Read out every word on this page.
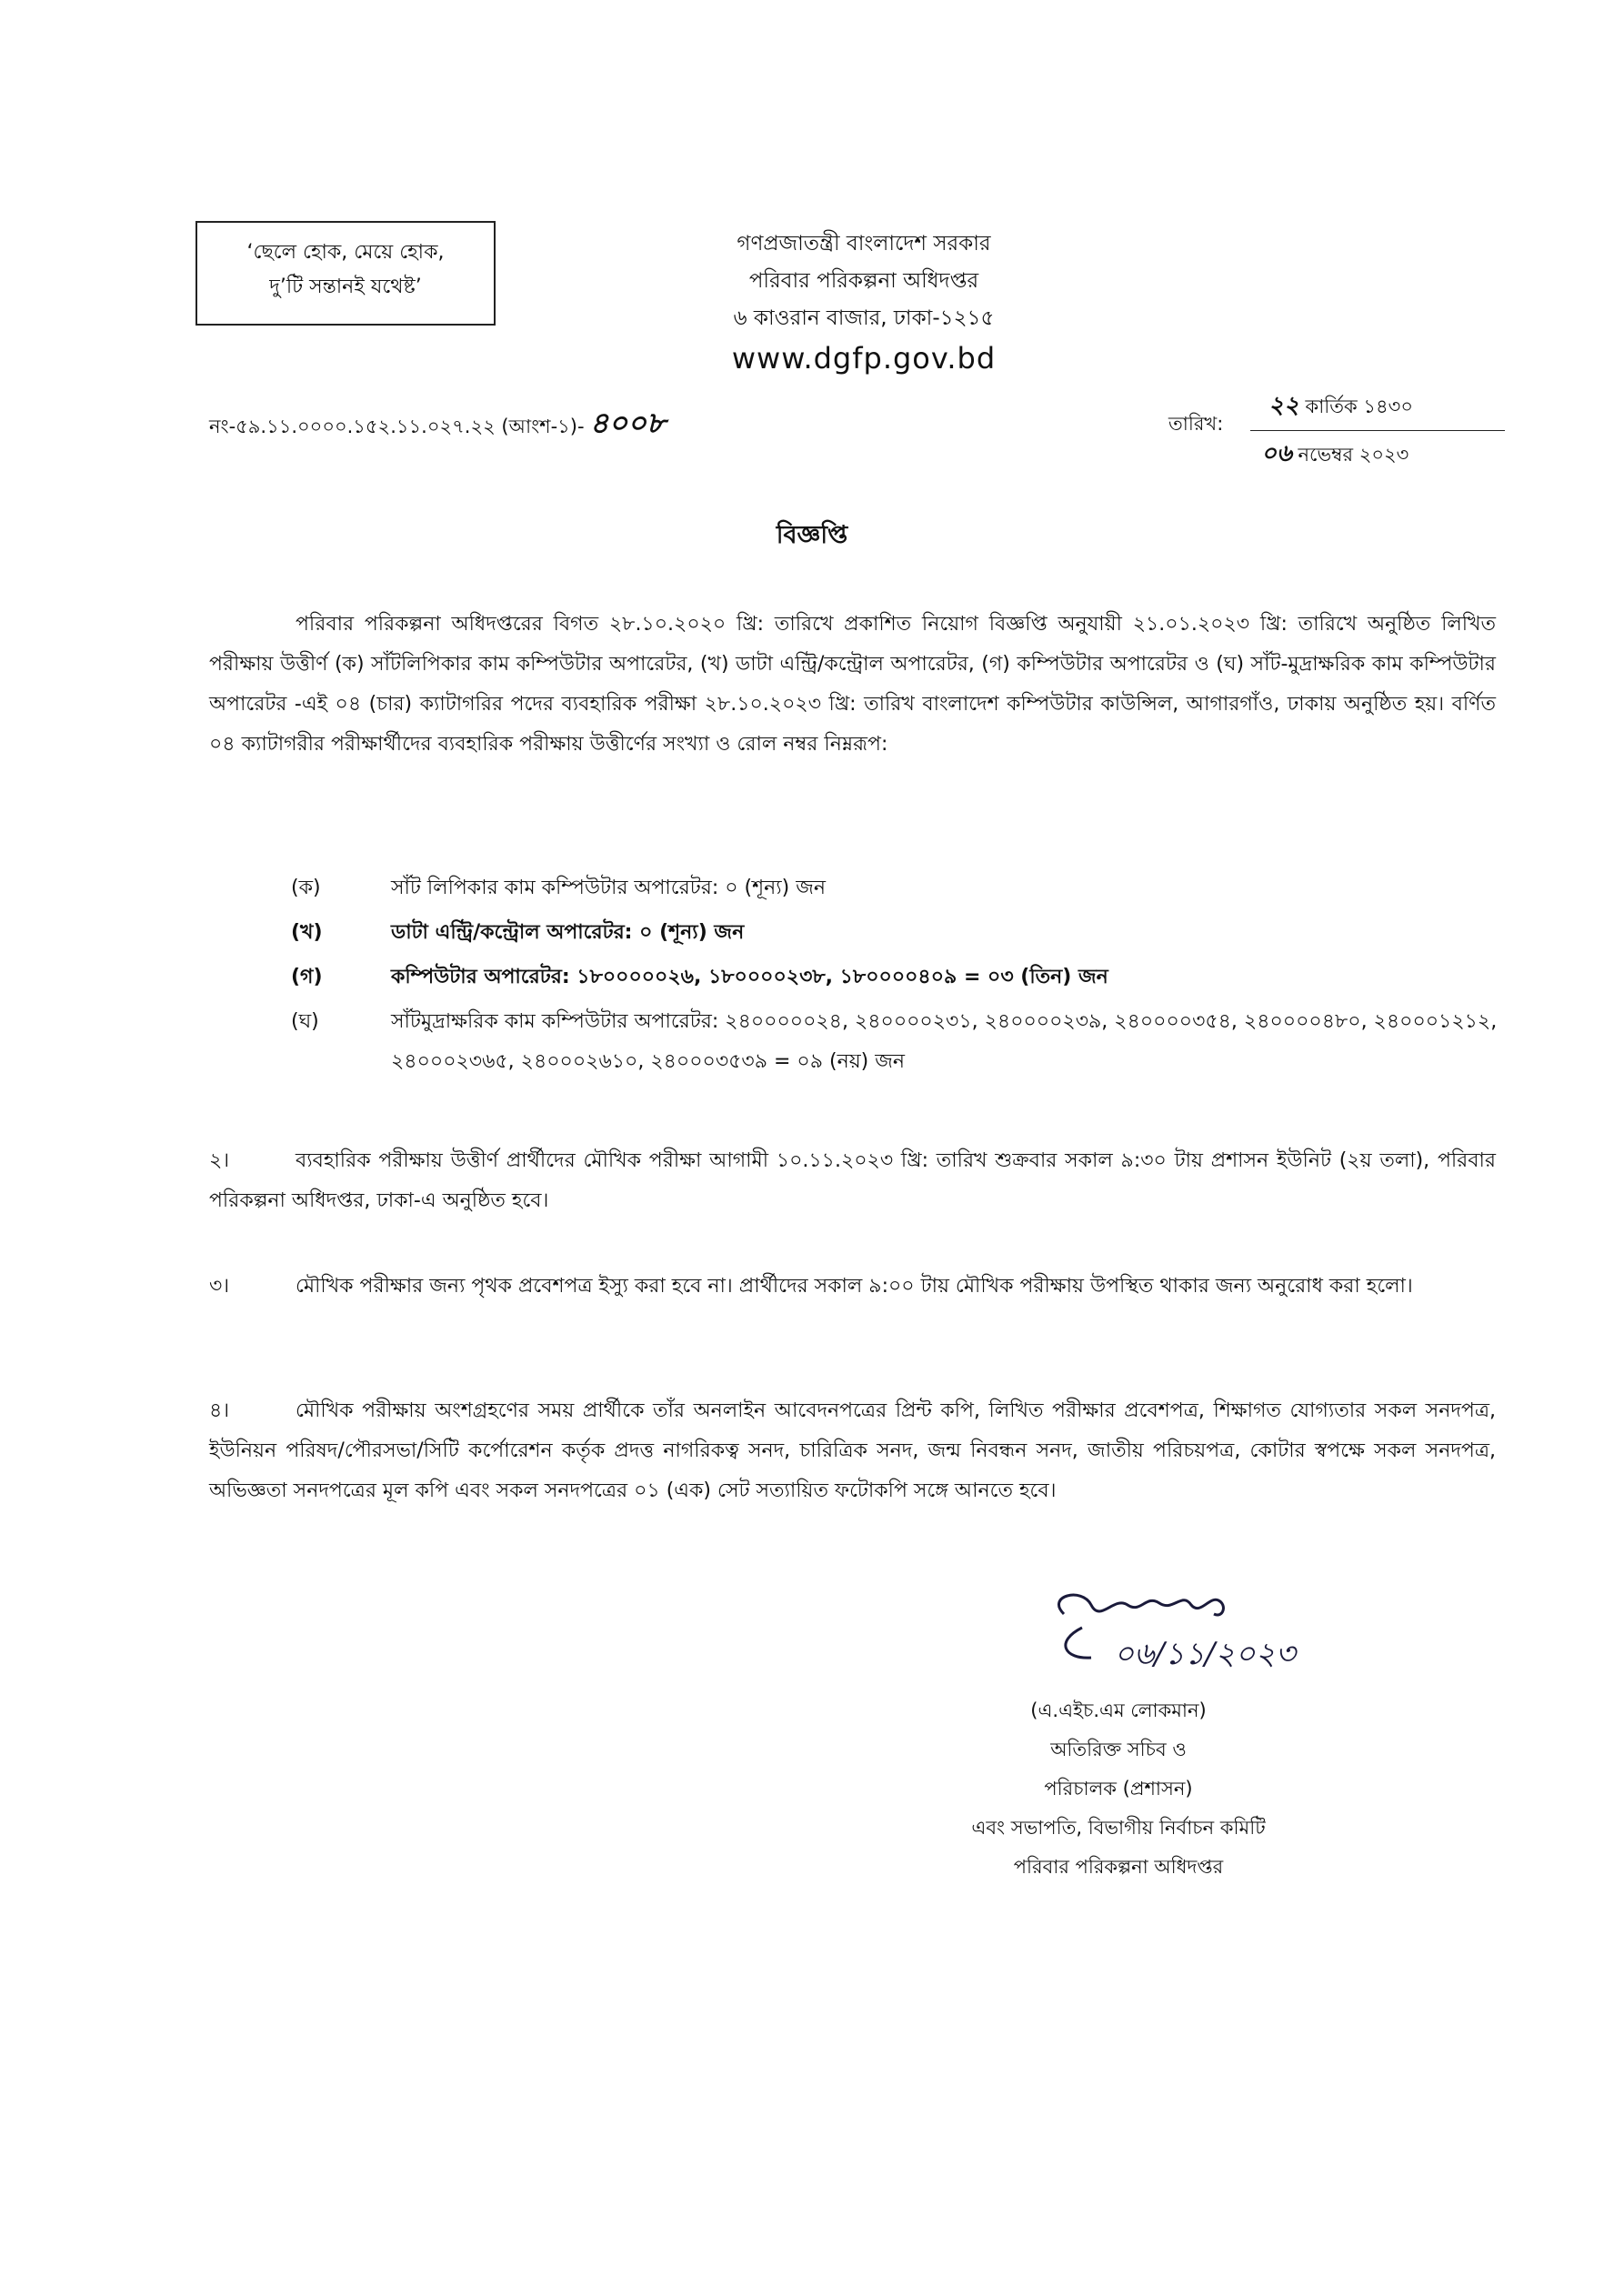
‘ছেলে হোক, মেয়ে হোক,
দু’টি সন্তানই যথেষ্ট’
গণপ্রজাতন্ত্রী বাংলাদেশ সরকার
পরিবার পরিকল্পনা অধিদপ্তর
৬ কাওরান বাজার, ঢাকা-১২১৫
www.dgfp.gov.bd
নং-৫৯.১১.০০০০.১৫২.১১.০২৭.২২ (আংশ-১)- ৪০০৮	তারিখ:
২২ কার্তিক ১৪৩০
০৬ নভেম্বর ২০২৩
বিজ্ঞপ্তি
পরিবার পরিকল্পনা অধিদপ্তরের বিগত ২৮.১০.২০২০ খ্রি: তারিখে প্রকাশিত নিয়োগ বিজ্ঞপ্তি অনুযায়ী ২১.০১.২০২৩ খ্রি: তারিখে অনুষ্ঠিত লিখিত পরীক্ষায় উত্তীর্ণ (ক) সাঁটলিপিকার কাম কম্পিউটার অপারেটর, (খ) ডাটা এন্ট্রি/কন্ট্রোল অপারেটর, (গ) কম্পিউটার অপারেটর ও (ঘ) সাঁট-মুদ্রাক্ষরিক কাম কম্পিউটার অপারেটর -এই ০৪ (চার) ক্যাটাগরির পদের ব্যবহারিক পরীক্ষা ২৮.১০.২০২৩ খ্রি: তারিখ বাংলাদেশ কম্পিউটার কাউন্সিল, আগারগাঁও, ঢাকায় অনুষ্ঠিত হয়। বর্ণিত ০৪ ক্যাটাগরীর পরীক্ষার্থীদের ব্যবহারিক পরীক্ষায় উত্তীর্ণের সংখ্যা ও রোল নম্বর নিম্নরূপ:
(ক)	সাঁট লিপিকার কাম কম্পিউটার অপারেটর: ০ (শূন্য) জন
(খ)	ডাটা এন্ট্রি/কন্ট্রোল অপারেটর: ০ (শূন্য) জন
(গ)	কম্পিউটার অপারেটর: ১৮০০০০০২৬, ১৮০০০০২৩৮, ১৮০০০০৪০৯ = ০৩ (তিন) জন
(ঘ)	সাঁটমুদ্রাক্ষরিক কাম কম্পিউটার অপারেটর: ২৪০০০০০২৪, ২৪০০০০২৩১, ২৪০০০০২৩৯, ২৪০০০০৩৫৪, ২৪০০০০৪৮০, ২৪০০০১২১২, ২৪০০০২৩৬৫, ২৪০০০২৬১০, ২৪০০০৩৫৩৯ = ০৯ (নয়) জন
২।	ব্যবহারিক পরীক্ষায় উত্তীর্ণ প্রার্থীদের মৌখিক পরীক্ষা আগামী ১০.১১.২০২৩ খ্রি: তারিখ শুক্রবার সকাল ৯:৩০ টায় প্রশাসন ইউনিট (২য় তলা), পরিবার পরিকল্পনা অধিদপ্তর, ঢাকা-এ অনুষ্ঠিত হবে।
৩।	মৌখিক পরীক্ষার জন্য পৃথক প্রবেশপত্র ইস্যু করা হবে না। প্রার্থীদের সকাল ৯:০০ টায় মৌখিক পরীক্ষায় উপস্থিত থাকার জন্য অনুরোধ করা হলো।
৪।	মৌখিক পরীক্ষায় অংশগ্রহণের সময় প্রার্থীকে তাঁর অনলাইন আবেদনপত্রের প্রিন্ট কপি, লিখিত পরীক্ষার প্রবেশপত্র, শিক্ষাগত যোগ্যতার সকল সনদপত্র, ইউনিয়ন পরিষদ/পৌরসভা/সিটি কর্পোরেশন কর্তৃক প্রদত্ত নাগরিকত্ব সনদ, চারিত্রিক সনদ, জন্ম নিবন্ধন সনদ, জাতীয় পরিচয়পত্র, কোটার স্বপক্ষে সকল সনদপত্র, অভিজ্ঞতা সনদপত্রের মূল কপি এবং সকল সনদপত্রের ০১ (এক) সেট সত্যায়িত ফটোকপি সঙ্গে আনতে হবে।
০৬/১১/২০২৩
(এ.এইচ.এম লোকমান)
অতিরিক্ত সচিব ও
পরিচালক (প্রশাসন)
এবং সভাপতি, বিভাগীয় নির্বাচন কমিটি
পরিবার পরিকল্পনা অধিদপ্তর
